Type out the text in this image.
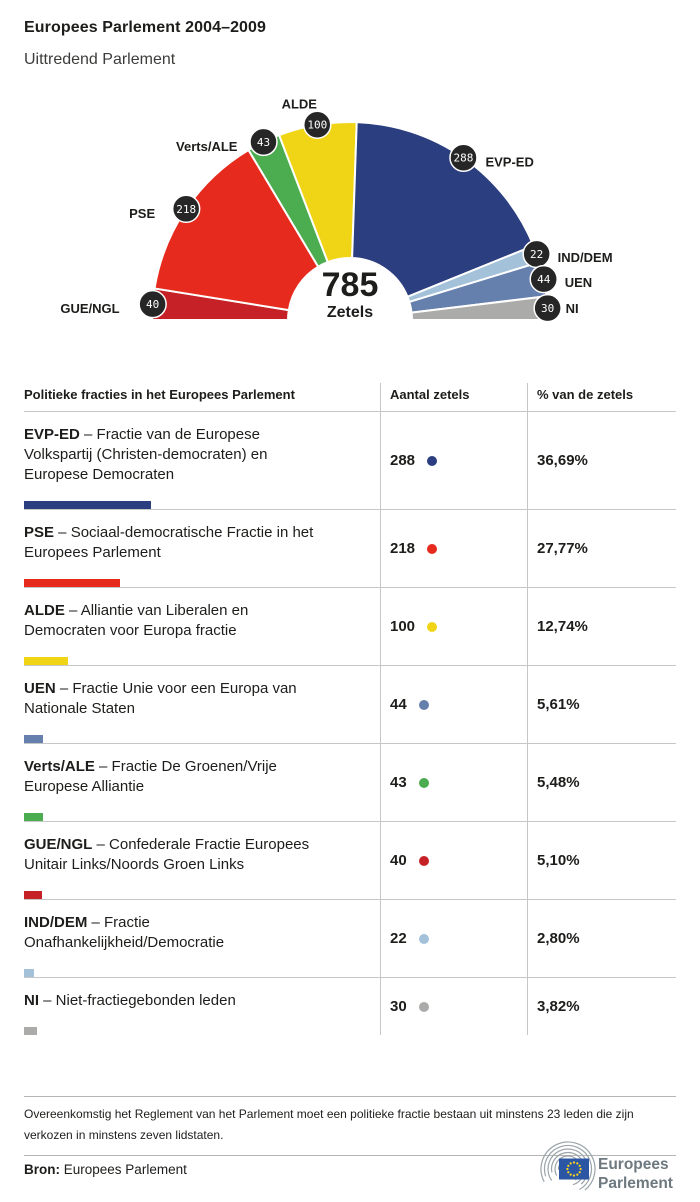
Europees Parlement 2004–2009
Uittredend Parlement
785
Zetels
40
GUE/NGL
218
PSE
43
Verts/ALE
100
ALDE
288 EVP-ED
22 IND/DEM
44 UEN
30 NI
Politieke fracties in het Europees Parlement	Aantal zetels	% van de zetels
EVP-ED – Fractie van de Europese
Volkspartij (Christen-democraten) en
Europese Democraten
288	36,69%
PSE – Sociaal-democratische Fractie in het
Europees Parlement	218	27,77%
ALDE – Alliantie van Liberalen en
Democraten voor Europa fractie	100	12,74%
UEN – Fractie Unie voor een Europa van
Nationale Staten	44	5,61%
Verts/ALE – Fractie De Groenen/Vrije
Europese Alliantie	43	5,48%
GUE/NGL – Confederale Fractie Europees
Unitair Links/Noords Groen Links	40	5,10%
IND/DEM – Fractie
Onafhankelijkheid/Democratie	22	2,80%
NI – Niet-fractiegebonden leden	30	3,82%
Overeenkomstig het Reglement van het Parlement moet een politieke fractie bestaan uit minstens 23 leden die zijn verkozen in minstens zeven lidstaten.
Bron: Europees Parlement	Europees
Parlement
